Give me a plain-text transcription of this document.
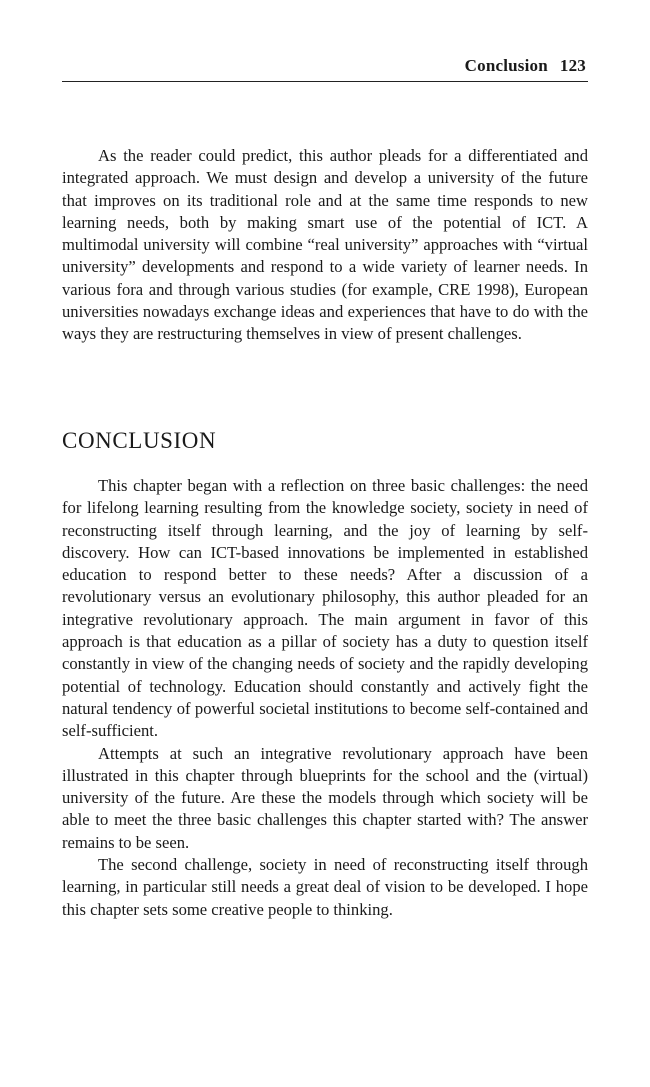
Conclusion 123

As the reader could predict, this author pleads for a differentiated and integrated approach. We must design and develop a university of the future that improves on its traditional role and at the same time responds to new learning needs, both by making smart use of the potential of ICT. A multimodal university will combine “real university” approaches with “virtual university” developments and respond to a wide variety of learner needs. In various fora and through various studies (for example, CRE 1998), European universities nowadays exchange ideas and experiences that have to do with the ways they are restructuring themselves in view of present challenges.

CONCLUSION

This chapter began with a reflection on three basic challenges: the need for lifelong learning resulting from the knowledge society, society in need of reconstructing itself through learning, and the joy of learning by self-discovery. How can ICT-based innovations be implemented in established education to respond better to these needs? After a discussion of a revolutionary versus an evolutionary philosophy, this author pleaded for an integrative revolutionary approach. The main argument in favor of this approach is that education as a pillar of society has a duty to question itself constantly in view of the changing needs of society and the rapidly developing potential of technology. Education should constantly and actively fight the natural tendency of powerful societal institutions to become self-contained and self-sufficient.

Attempts at such an integrative revolutionary approach have been illustrated in this chapter through blueprints for the school and the (virtual) university of the future. Are these the models through which society will be able to meet the three basic challenges this chapter started with? The answer remains to be seen.

The second challenge, society in need of reconstructing itself through learning, in particular still needs a great deal of vision to be developed. I hope this chapter sets some creative people to thinking.
